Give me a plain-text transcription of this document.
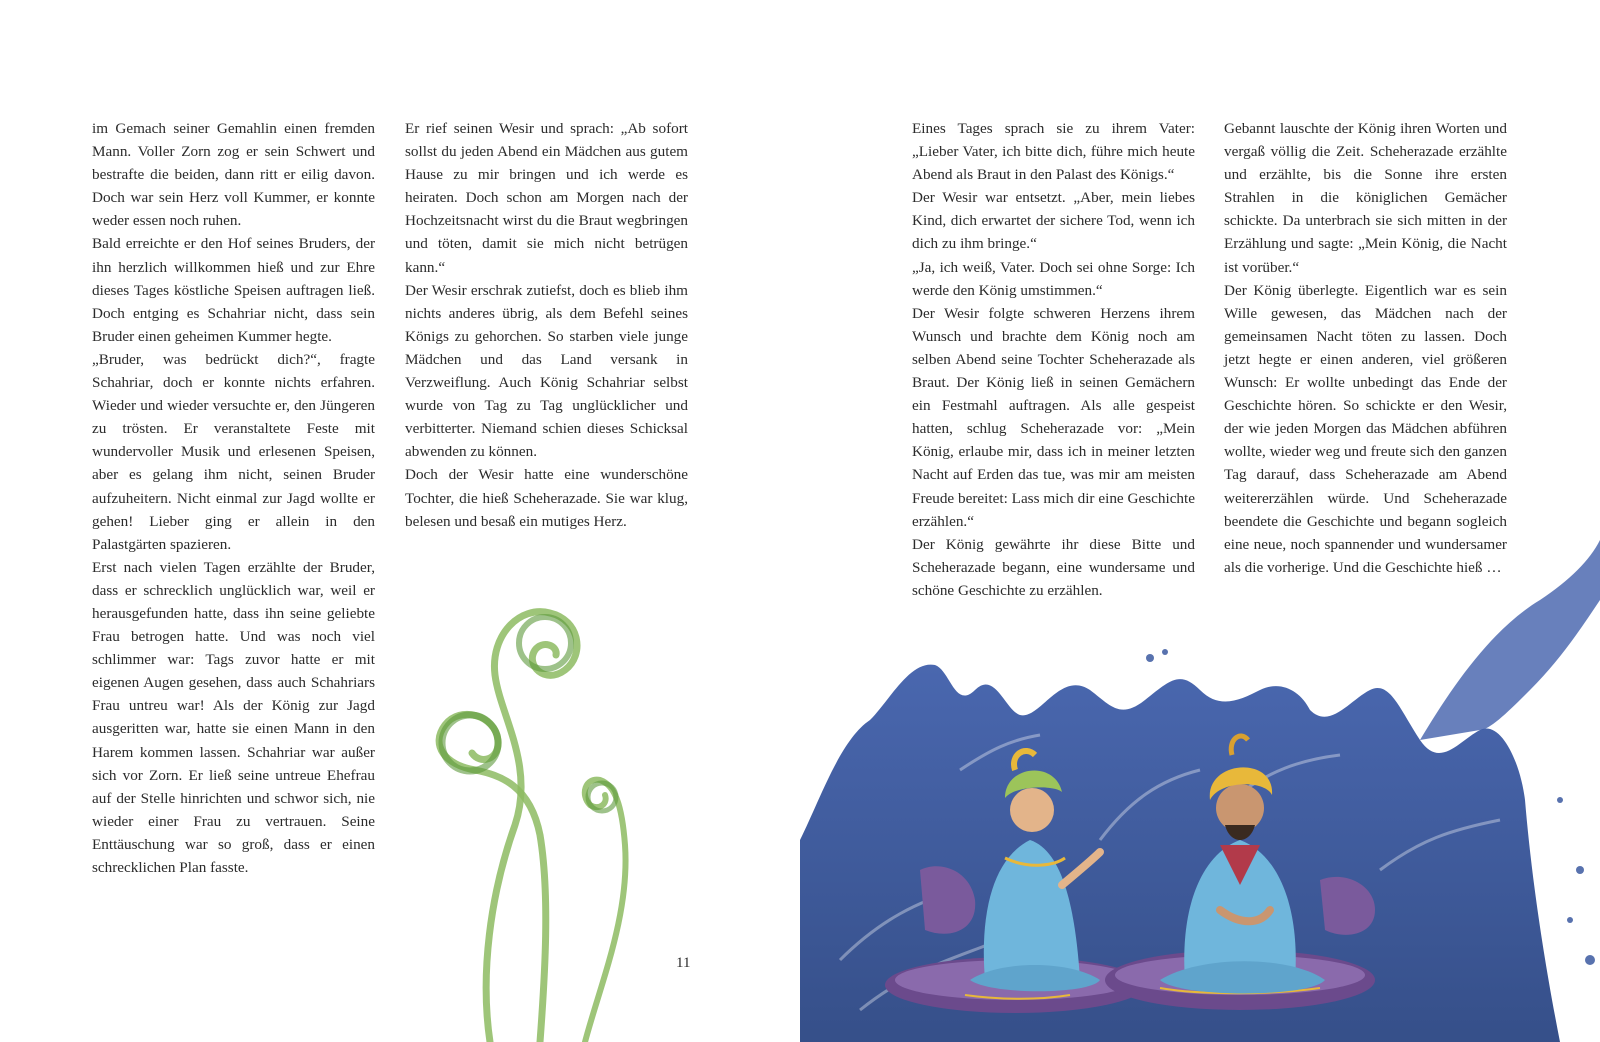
im Gemach seiner Gemahlin einen fremden Mann. Voller Zorn zog er sein Schwert und bestrafte die beiden, dann ritt er eilig davon. Doch war sein Herz voll Kummer, er konnte weder essen noch ruhen.

Bald erreichte er den Hof seines Bruders, der ihn herzlich willkommen hieß und zur Ehre dieses Tages köstliche Speisen auftragen ließ. Doch entging es Schahriar nicht, dass sein Bruder einen geheimen Kummer hegte.

„Bruder, was bedrückt dich?“, fragte Schahriar, doch er konnte nichts erfahren. Wieder und wieder versuchte er, den Jüngeren zu trösten. Er veranstaltete Feste mit wundervoller Musik und erlesenen Speisen, aber es gelang ihm nicht, seinen Bruder aufzuheitern. Nicht einmal zur Jagd wollte er gehen! Lieber ging er allein in den Palastgärten spazieren.

Erst nach vielen Tagen erzählte der Bruder, dass er schrecklich unglücklich war, weil er herausgefunden hatte, dass ihn seine geliebte Frau betrogen hatte. Und was noch viel schlimmer war: Tags zuvor hatte er mit eigenen Augen gesehen, dass auch Schahriars Frau untreu war! Als der König zur Jagd ausgeritten war, hatte sie einen Mann in den Harem kommen lassen. Schahriar war außer sich vor Zorn. Er ließ seine untreue Ehefrau auf der Stelle hinrichten und schwor sich, nie wieder einer Frau zu vertrauen. Seine Enttäuschung war so groß, dass er einen schrecklichen Plan fasste.

Er rief seinen Wesir und sprach: „Ab sofort sollst du jeden Abend ein Mädchen aus gutem Hause zu mir bringen und ich werde es heiraten. Doch schon am Morgen nach der Hochzeitsnacht wirst du die Braut wegbringen und töten, damit sie mich nicht betrügen kann.“

Der Wesir erschrak zutiefst, doch es blieb ihm nichts anderes übrig, als dem Befehl seines Königs zu gehorchen. So starben viele junge Mädchen und das Land versank in Verzweiflung. Auch König Schahriar selbst wurde von Tag zu Tag unglücklicher und verbitterter. Niemand schien dieses Schicksal abwenden zu können.

Doch der Wesir hatte eine wunderschöne Tochter, die hieß Scheherazade. Sie war klug, belesen und besaß ein mutiges Herz.

11

Eines Tages sprach sie zu ihrem Vater: „Lieber Vater, ich bitte dich, führe mich heute Abend als Braut in den Palast des Königs.“

Der Wesir war entsetzt. „Aber, mein liebes Kind, dich erwartet der sichere Tod, wenn ich dich zu ihm bringe.“

„Ja, ich weiß, Vater. Doch sei ohne Sorge: Ich werde den König umstimmen.“

Der Wesir folgte schweren Herzens ihrem Wunsch und brachte dem König noch am selben Abend seine Tochter Scheherazade als Braut. Der König ließ in seinen Gemächern ein Festmahl auftragen. Als alle gespeist hatten, schlug Scheherazade vor: „Mein König, erlaube mir, dass ich in meiner letzten Nacht auf Erden das tue, was mir am meisten Freude bereitet: Lass mich dir eine Geschichte erzählen.“

Der König gewährte ihr diese Bitte und Scheherazade begann, eine wundersame und schöne Geschichte zu erzählen.

Gebannt lauschte der König ihren Worten und vergaß völlig die Zeit. Scheherazade erzählte und erzählte, bis die Sonne ihre ersten Strahlen in die königlichen Gemächer schickte. Da unterbrach sie sich mitten in der Erzählung und sagte: „Mein König, die Nacht ist vorüber.“

Der König überlegte. Eigentlich war es sein Wille gewesen, das Mädchen nach der gemeinsamen Nacht töten zu lassen. Doch jetzt hegte er einen anderen, viel größeren Wunsch: Er wollte unbedingt das Ende der Geschichte hören. So schickte er den Wesir, der wie jeden Morgen das Mädchen abführen wollte, wieder weg und freute sich den ganzen Tag darauf, dass Scheherazade am Abend weitererzählen würde. Und Scheherazade beendete die Geschichte und begann sogleich eine neue, noch spannender und wundersamer als die vorherige. Und die Geschichte hieß …
